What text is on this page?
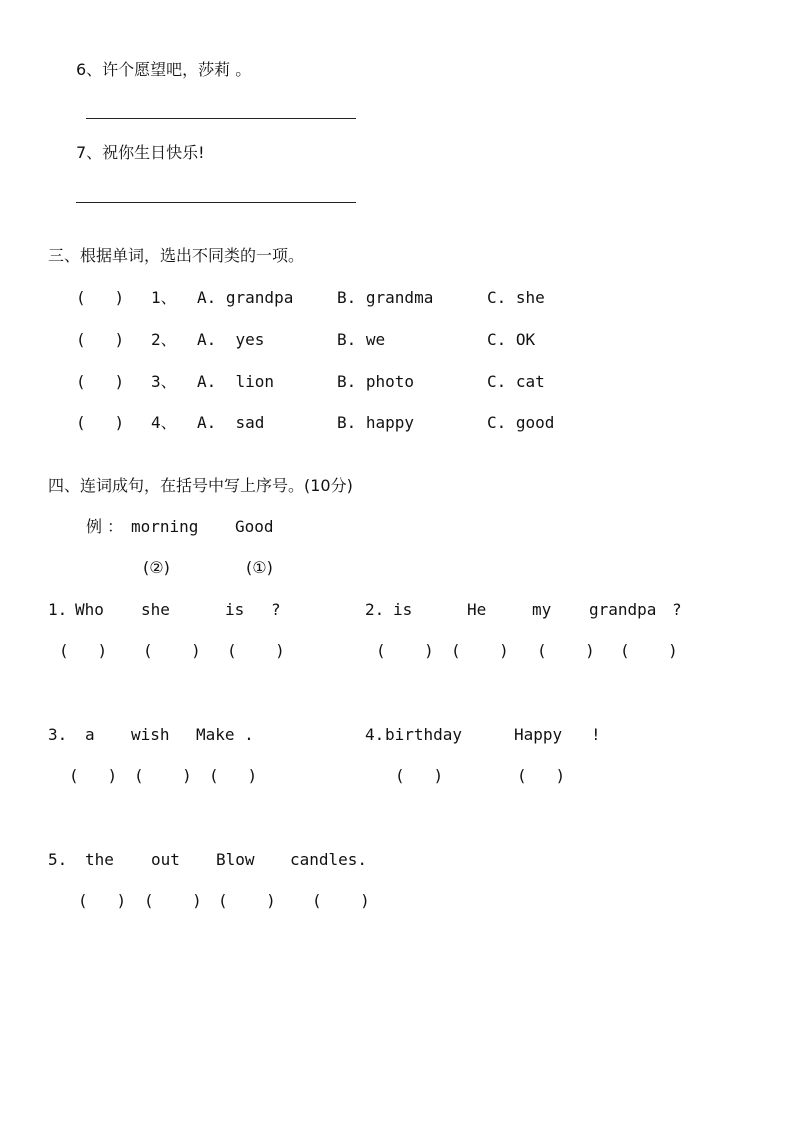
6、许个愿望吧，莎莉 。
7、祝你生日快乐!
三、根据单词，选出不同类的一项。
(   ) 1、 A. grandpa	B. grandma	C. she
(   ) 2、 A.  yes	B. we	C. OK
(   ) 3、 A.  lion	B. photo	C. cat
(   ) 4、 A.  sad	B. happy	C. good
四、连词成句，在括号中写上序号。(10分)
例 ： morning Good
(②)	(①)
1. Who she	is ?
(   ) (    ) (    )
2. is	He	my grandpa ?
(    ) (    ) (    ) (    )
3. a wish Make .
(   ) (    ) (   )
4. birthday	Happy !
(   )	(   )
5. the out Blow candles.
(   ) (    ) (    ) (    )
